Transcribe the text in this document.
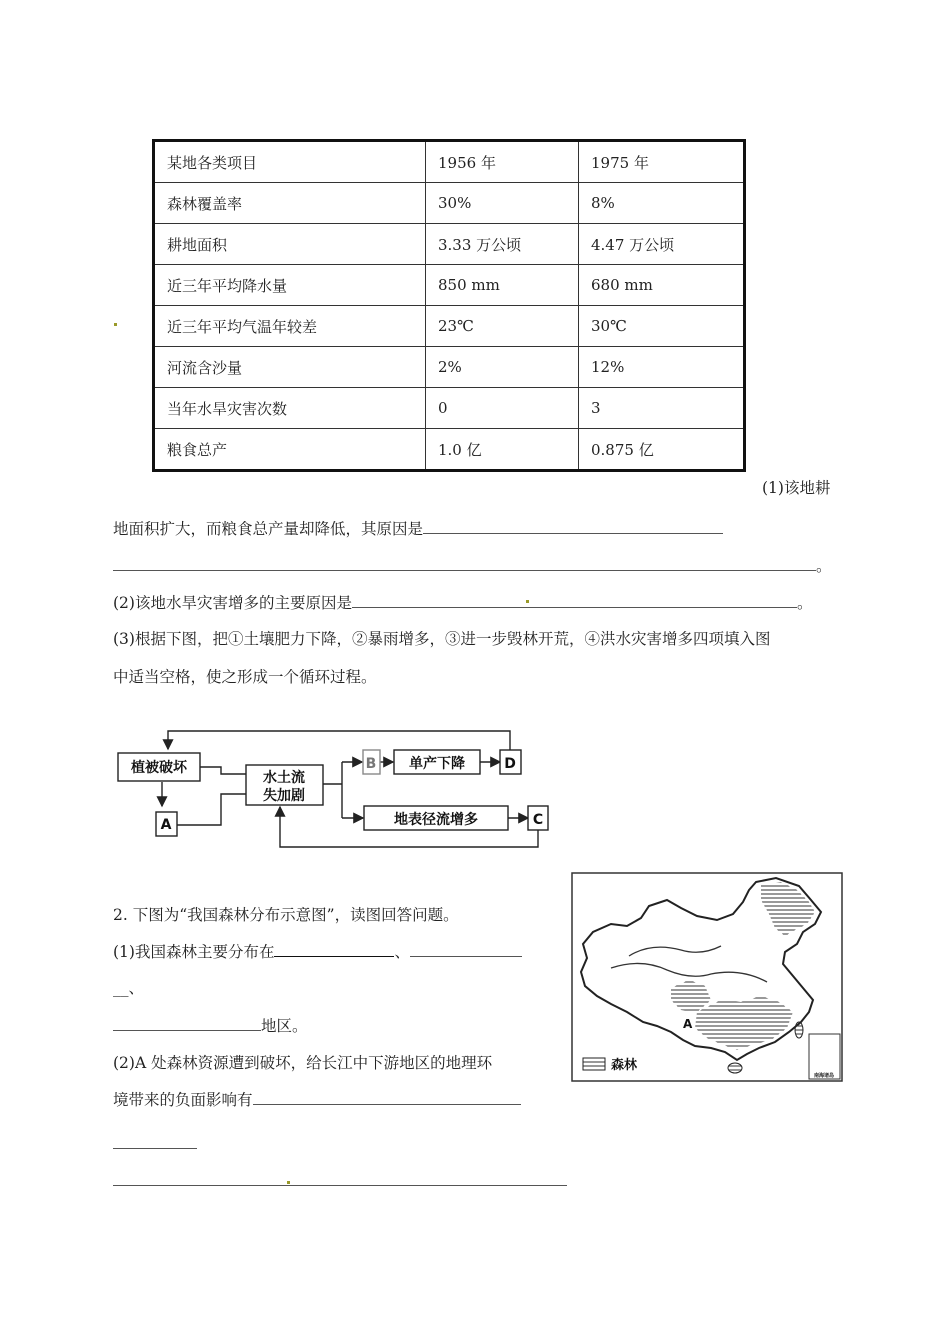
某地各类项目	1956 年	1975 年
森林覆盖率	30%	8%
耕地面积	3.33 万公顷	4.47 万公顷
近三年平均降水量	850 mm	680 mm
近三年平均气温年较差	23℃	30℃
河流含沙量	2%	12%
当年水旱灾害次数	0	3
粮食总产	1.0 亿	0.875 亿
(1)该地耕
地面积扩大，而粮食总产量却降低，其原因是
。
(2)该地水旱灾害增多的主要原因是	。
(3)根据下图，把①土壤肥力下降，②暴雨增多，③进一步毁林开荒，④洪水灾害增多四项填入图
中适当空格，使之形成一个循环过程。
植被破坏
A
水土流
失加剧
B 单产下降	D
地表径流增多	C
2. 下图为“我国森林分布示意图”，读图回答问题。
(1)我国森林主要分布在	、
__、
地区。
(2)A 处森林资源遭到破坏，给长江中下游地区的地理环
境带来的负面影响有
A
森林
南海诸岛
